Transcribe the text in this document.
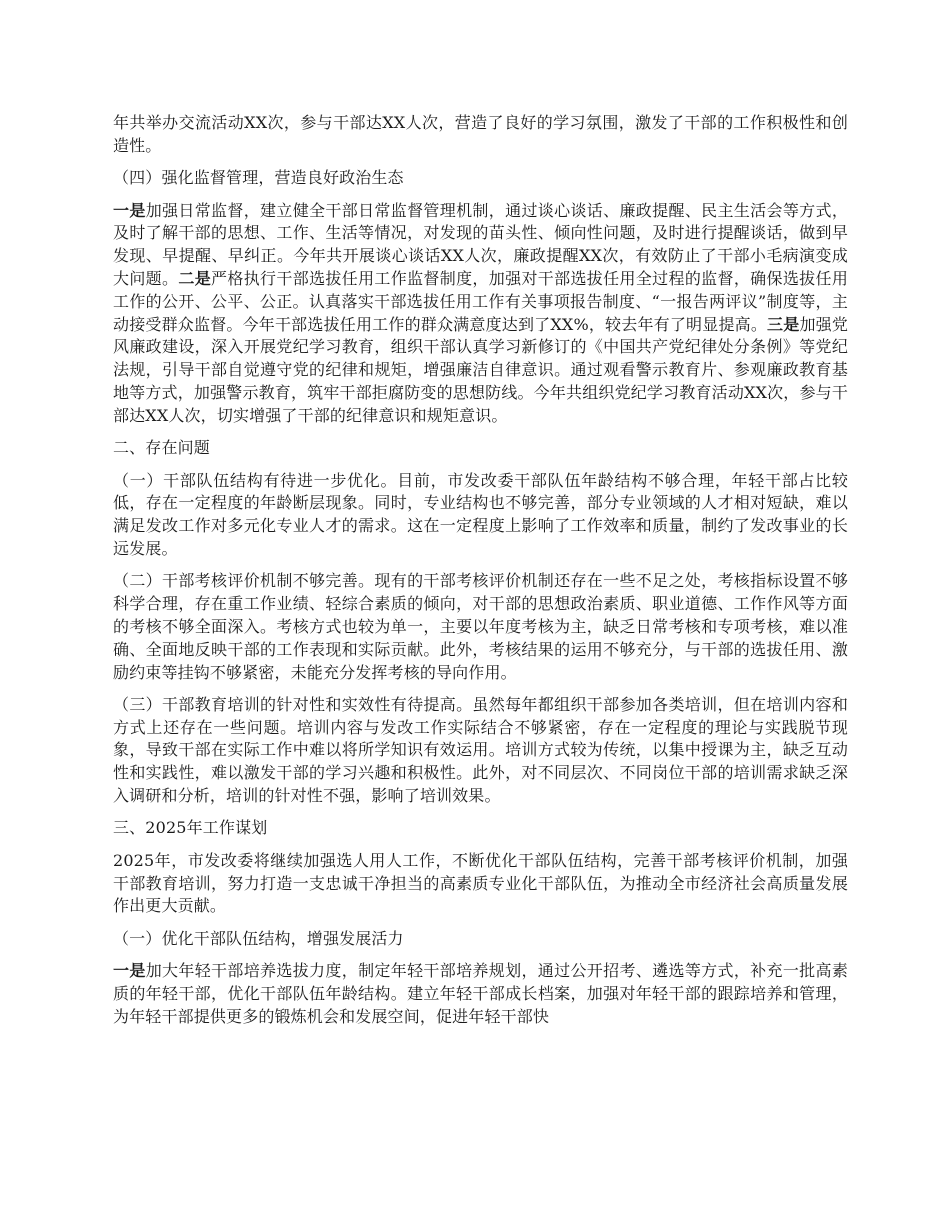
年共举办交流活动XX次，参与干部达XX人次，营造了良好的学习氛围，激发了干部的工作积极性和创造性。

（四）强化监督管理，营造良好政治生态

一是加强日常监督，建立健全干部日常监督管理机制，通过谈心谈话、廉政提醒、民主生活会等方式，及时了解干部的思想、工作、生活等情况，对发现的苗头性、倾向性问题，及时进行提醒谈话，做到早发现、早提醒、早纠正。今年共开展谈心谈话XX人次，廉政提醒XX次，有效防止了干部小毛病演变成大问题。二是严格执行干部选拔任用工作监督制度，加强对干部选拔任用全过程的监督，确保选拔任用工作的公开、公平、公正。认真落实干部选拔任用工作有关事项报告制度、“一报告两评议”制度等，主动接受群众监督。今年干部选拔任用工作的群众满意度达到了XX%，较去年有了明显提高。三是加强党风廉政建设，深入开展党纪学习教育，组织干部认真学习新修订的《中国共产党纪律处分条例》等党纪法规，引导干部自觉遵守党的纪律和规矩，增强廉洁自律意识。通过观看警示教育片、参观廉政教育基地等方式，加强警示教育，筑牢干部拒腐防变的思想防线。今年共组织党纪学习教育活动XX次，参与干部达XX人次，切实增强了干部的纪律意识和规矩意识。

二、存在问题

（一）干部队伍结构有待进一步优化。目前，市发改委干部队伍年龄结构不够合理，年轻干部占比较低，存在一定程度的年龄断层现象。同时，专业结构也不够完善，部分专业领域的人才相对短缺，难以满足发改工作对多元化专业人才的需求。这在一定程度上影响了工作效率和质量，制约了发改事业的长远发展。

（二）干部考核评价机制不够完善。现有的干部考核评价机制还存在一些不足之处，考核指标设置不够科学合理，存在重工作业绩、轻综合素质的倾向，对干部的思想政治素质、职业道德、工作作风等方面的考核不够全面深入。考核方式也较为单一，主要以年度考核为主，缺乏日常考核和专项考核，难以准确、全面地反映干部的工作表现和实际贡献。此外，考核结果的运用不够充分，与干部的选拔任用、激励约束等挂钩不够紧密，未能充分发挥考核的导向作用。

（三）干部教育培训的针对性和实效性有待提高。虽然每年都组织干部参加各类培训，但在培训内容和方式上还存在一些问题。培训内容与发改工作实际结合不够紧密，存在一定程度的理论与实践脱节现象，导致干部在实际工作中难以将所学知识有效运用。培训方式较为传统，以集中授课为主，缺乏互动性和实践性，难以激发干部的学习兴趣和积极性。此外，对不同层次、不同岗位干部的培训需求缺乏深入调研和分析，培训的针对性不强，影响了培训效果。

三、2025年工作谋划

2025年，市发改委将继续加强选人用人工作，不断优化干部队伍结构，完善干部考核评价机制，加强干部教育培训，努力打造一支忠诚干净担当的高素质专业化干部队伍，为推动全市经济社会高质量发展作出更大贡献。

（一）优化干部队伍结构，增强发展活力

一是加大年轻干部培养选拔力度，制定年轻干部培养规划，通过公开招考、遴选等方式，补充一批高素质的年轻干部，优化干部队伍年龄结构。建立年轻干部成长档案，加强对年轻干部的跟踪培养和管理，为年轻干部提供更多的锻炼机会和发展空间，促进年轻干部快
